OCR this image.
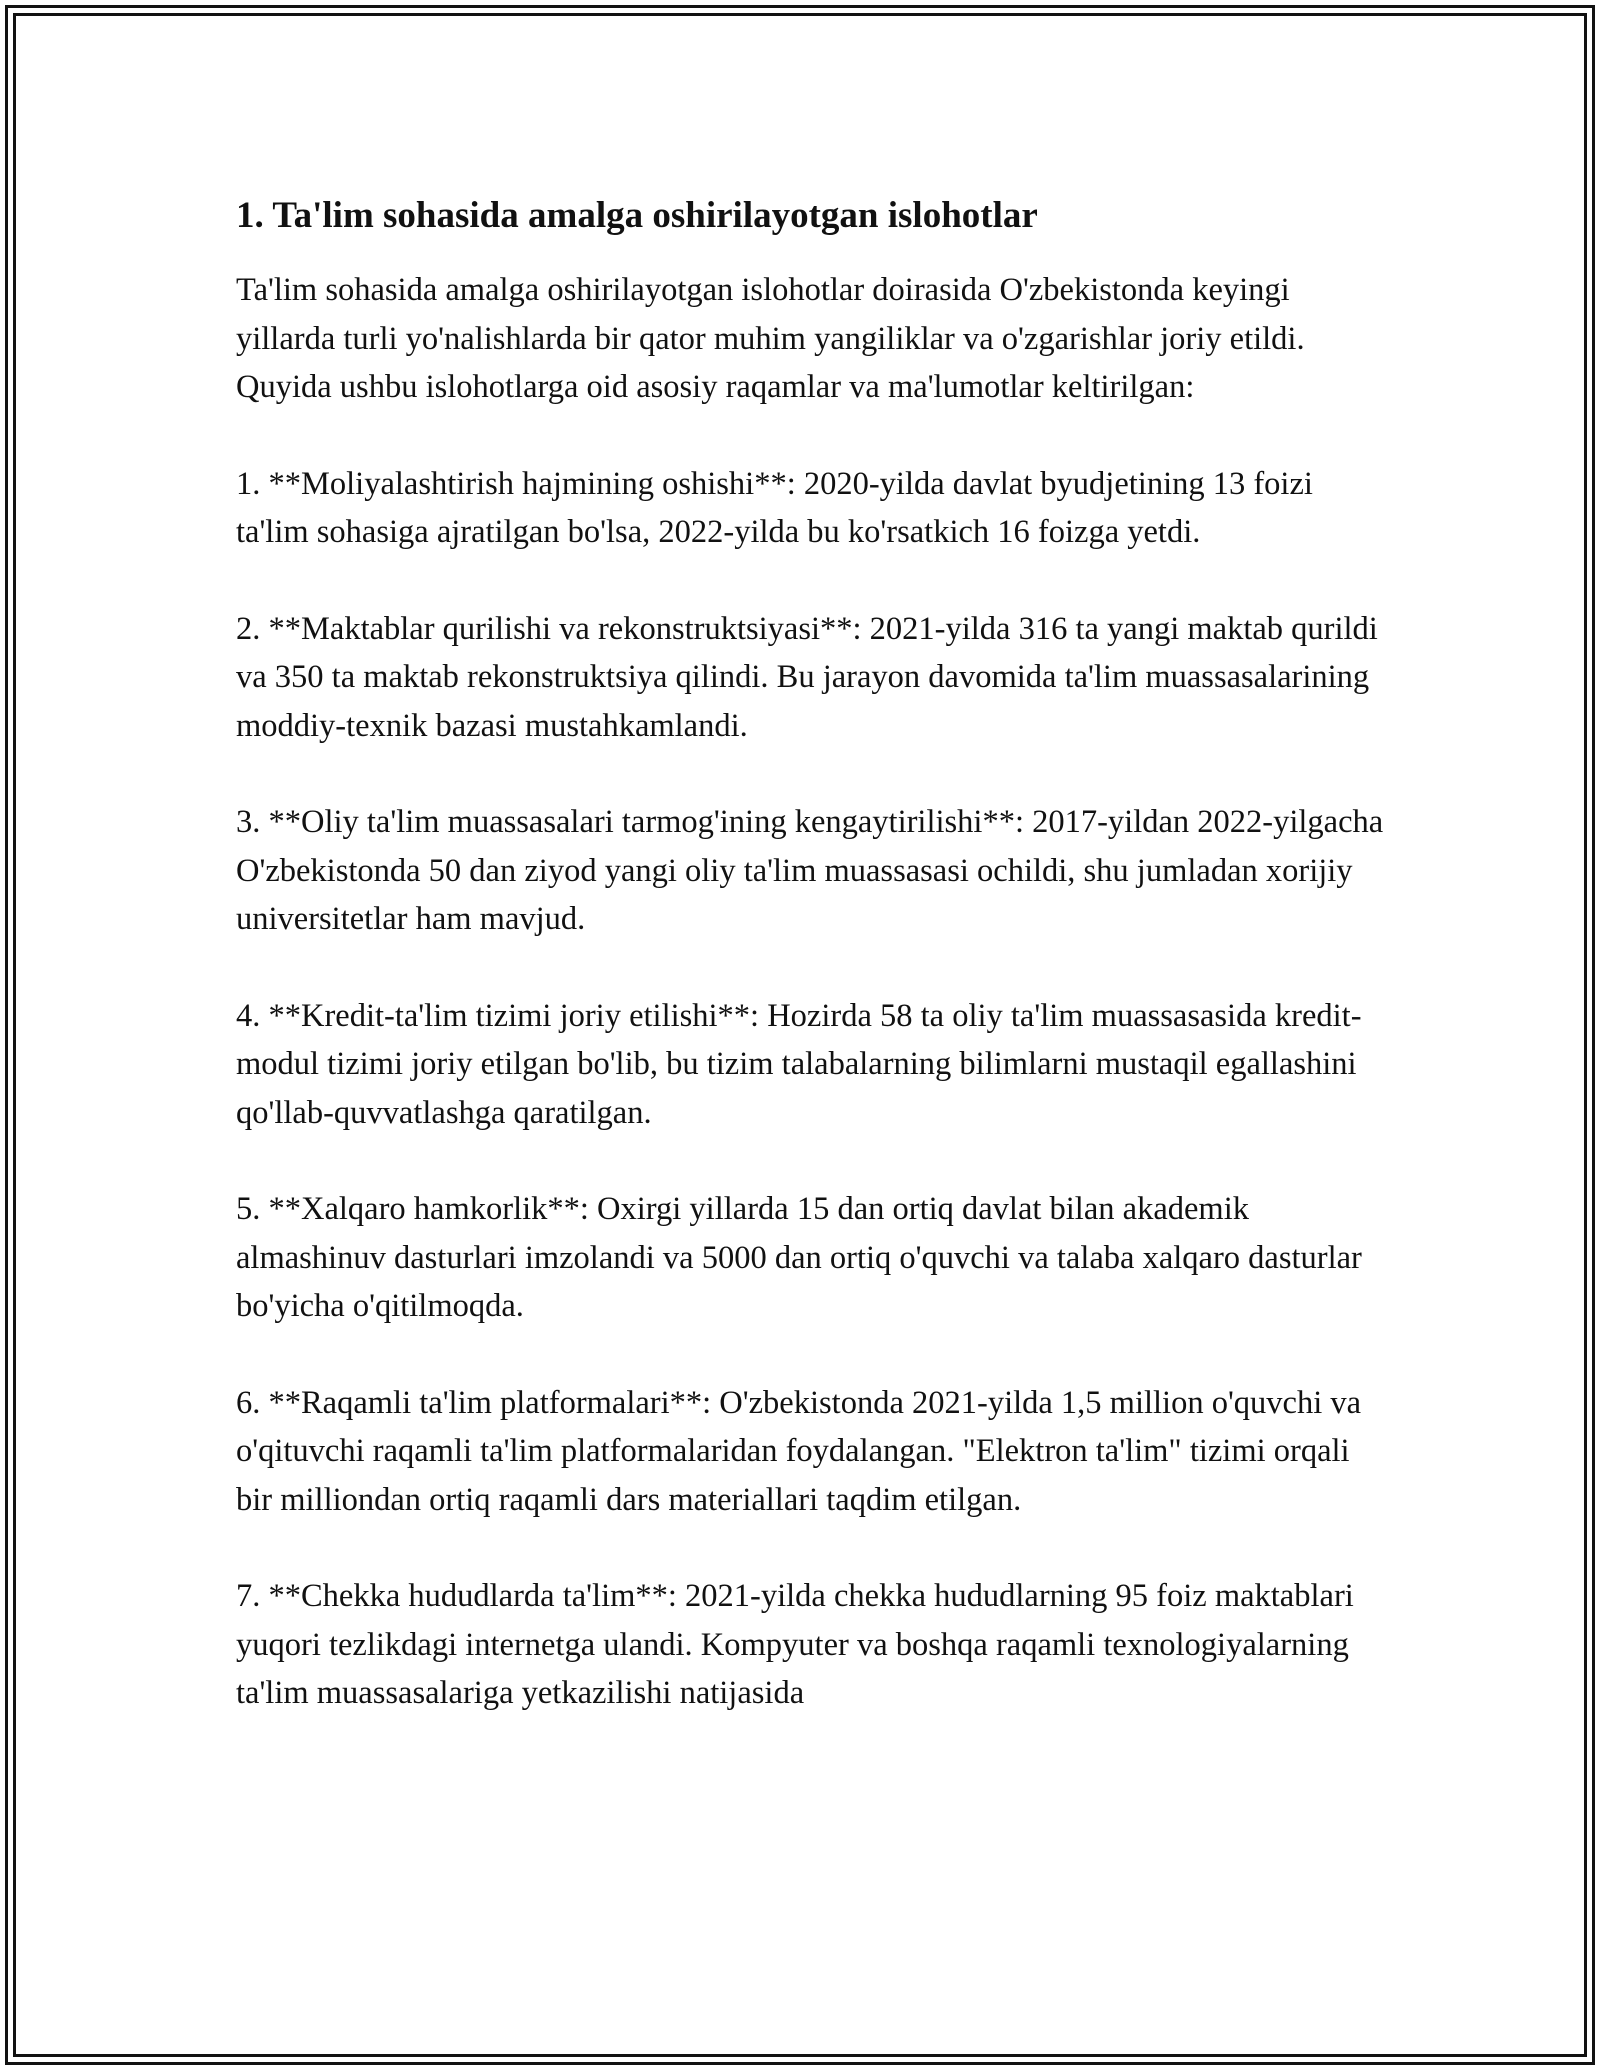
1. Ta'lim sohasida amalga oshirilayotgan islohotlar

Ta'lim sohasida amalga oshirilayotgan islohotlar doirasida O'zbekistonda keyingi yillarda turli yo'nalishlarda bir qator muhim yangiliklar va o'zgarishlar joriy etildi. Quyida ushbu islohotlarga oid asosiy raqamlar va ma'lumotlar keltirilgan:

1. **Moliyalashtirish hajmining oshishi**: 2020-yilda davlat byudjetining 13 foizi ta'lim sohasiga ajratilgan bo'lsa, 2022-yilda bu ko'rsatkich 16 foizga yetdi.

2. **Maktablar qurilishi va rekonstruktsiyasi**: 2021-yilda 316 ta yangi maktab qurildi va 350 ta maktab rekonstruktsiya qilindi. Bu jarayon davomida ta'lim muassasalarining moddiy-texnik bazasi mustahkamlandi.

3. **Oliy ta'lim muassasalari tarmog'ining kengaytirilishi**: 2017-yildan 2022-yilgacha O'zbekistonda 50 dan ziyod yangi oliy ta'lim muassasasi ochildi, shu jumladan xorijiy universitetlar ham mavjud.

4. **Kredit-ta'lim tizimi joriy etilishi**: Hozirda 58 ta oliy ta'lim muassasasida kredit-modul tizimi joriy etilgan bo'lib, bu tizim talabalarning bilimlarni mustaqil egallashini qo'llab-quvvatlashga qaratilgan.

5. **Xalqaro hamkorlik**: Oxirgi yillarda 15 dan ortiq davlat bilan akademik almashinuv dasturlari imzolandi va 5000 dan ortiq o'quvchi va talaba xalqaro dasturlar bo'yicha o'qitilmoqda.

6. **Raqamli ta'lim platformalari**: O'zbekistonda 2021-yilda 1,5 million o'quvchi va o'qituvchi raqamli ta'lim platformalaridan foydalangan. "Elektron ta'lim" tizimi orqali bir milliondan ortiq raqamli dars materiallari taqdim etilgan.

7. **Chekka hududlarda ta'lim**: 2021-yilda chekka hududlarning 95 foiz maktablari yuqori tezlikdagi internetga ulandi. Kompyuter va boshqa raqamli texnologiyalarning ta'lim muassasalariga yetkazilishi natijasida
